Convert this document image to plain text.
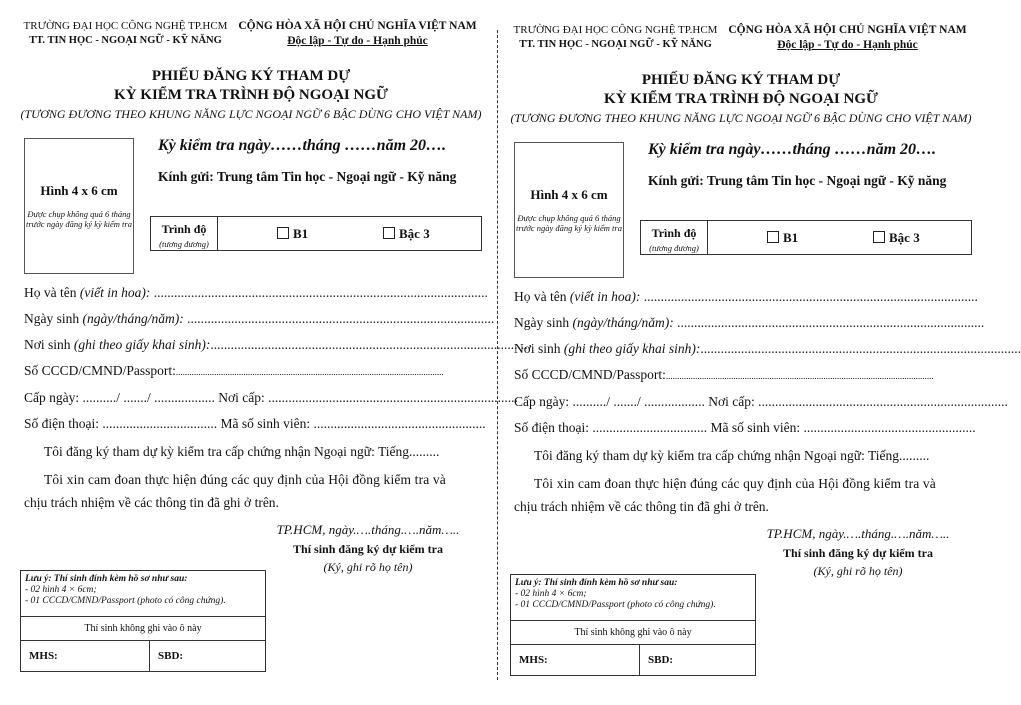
TRƯỜNG ĐẠI HỌC CÔNG NGHỆ TP.HCM
TT. TIN HỌC - NGOẠI NGỮ - KỸ NĂNG
CỘNG HÒA XÃ HỘI CHỦ NGHĨA VIỆT NAM
Độc lập - Tự do - Hạnh phúc
PHIẾU ĐĂNG KÝ THAM DỰ
KỲ KIỂM TRA TRÌNH ĐỘ NGOẠI NGỮ
(TƯƠNG ĐƯƠNG THEO KHUNG NĂNG LỰC NGOẠI NGỮ 6 BẬC DÙNG CHO VIỆT NAM)
Hình 4 x 6 cm
Được chụp không quá 6 tháng trước ngày đăng ký kỳ kiểm tra
Kỳ kiểm tra ngày……tháng ……năm 20….
Kính gửi: Trung tâm Tin học - Ngoại ngữ - Kỹ năng
Trình độ
(tương đương)
B1	Bậc 3
Họ và tên (viết in hoa): ...................................................................................................
Ngày sinh (ngày/tháng/năm): ...........................................................................................
Nơi sinh (ghi theo giấy khai sinh):...............................................................................................
Số CCCD/CMND/Passport:.......................................................................................................................
Cấp ngày: ........../ ......./ .................. Nơi cấp: ..........................................................................
Số điện thoại: .................................. Mã số sinh viên: ...................................................
Tôi đăng ký tham dự kỳ kiểm tra cấp chứng nhận Ngoại ngữ: Tiếng.........
Tôi xin cam đoan thực hiện đúng các quy định của Hội đồng kiểm tra và
chịu trách nhiệm về các thông tin đã ghi ở trên.
TP.HCM, ngày.….tháng.….năm…..
Thí sinh đăng ký dự kiểm tra
(Ký, ghi rõ họ tên)
Lưu ý: Thí sinh đính kèm hồ sơ như sau:
- 02 hình 4 × 6cm;
- 01 CCCD/CMND/Passport (photo có công chứng).
Thí sinh không ghi vào ô này
MHS:	SBD:
TRƯỜNG ĐẠI HỌC CÔNG NGHỆ TP.HCM
TT. TIN HỌC - NGOẠI NGỮ - KỸ NĂNG
CỘNG HÒA XÃ HỘI CHỦ NGHĨA VIỆT NAM
Độc lập - Tự do - Hạnh phúc
PHIẾU ĐĂNG KÝ THAM DỰ
KỲ KIỂM TRA TRÌNH ĐỘ NGOẠI NGỮ
(TƯƠNG ĐƯƠNG THEO KHUNG NĂNG LỰC NGOẠI NGỮ 6 BẬC DÙNG CHO VIỆT NAM)
Hình 4 x 6 cm
Được chụp không quá 6 tháng trước ngày đăng ký kỳ kiểm tra
Kỳ kiểm tra ngày……tháng ……năm 20….
Kính gửi: Trung tâm Tin học - Ngoại ngữ - Kỹ năng
Trình độ
(tương đương)
B1	Bậc 3
Họ và tên (viết in hoa): ...................................................................................................
Ngày sinh (ngày/tháng/năm): ...........................................................................................
Nơi sinh (ghi theo giấy khai sinh):...............................................................................................
Số CCCD/CMND/Passport:.......................................................................................................................
Cấp ngày: ........../ ......./ .................. Nơi cấp: ..........................................................................
Số điện thoại: .................................. Mã số sinh viên: ...................................................
Tôi đăng ký tham dự kỳ kiểm tra cấp chứng nhận Ngoại ngữ: Tiếng.........
Tôi xin cam đoan thực hiện đúng các quy định của Hội đồng kiểm tra và
chịu trách nhiệm về các thông tin đã ghi ở trên.
TP.HCM, ngày.….tháng.….năm…..
Thí sinh đăng ký dự kiểm tra
(Ký, ghi rõ họ tên)
Lưu ý: Thí sinh đính kèm hồ sơ như sau:
- 02 hình 4 × 6cm;
- 01 CCCD/CMND/Passport (photo có công chứng).
Thí sinh không ghi vào ô này
MHS:	SBD:
